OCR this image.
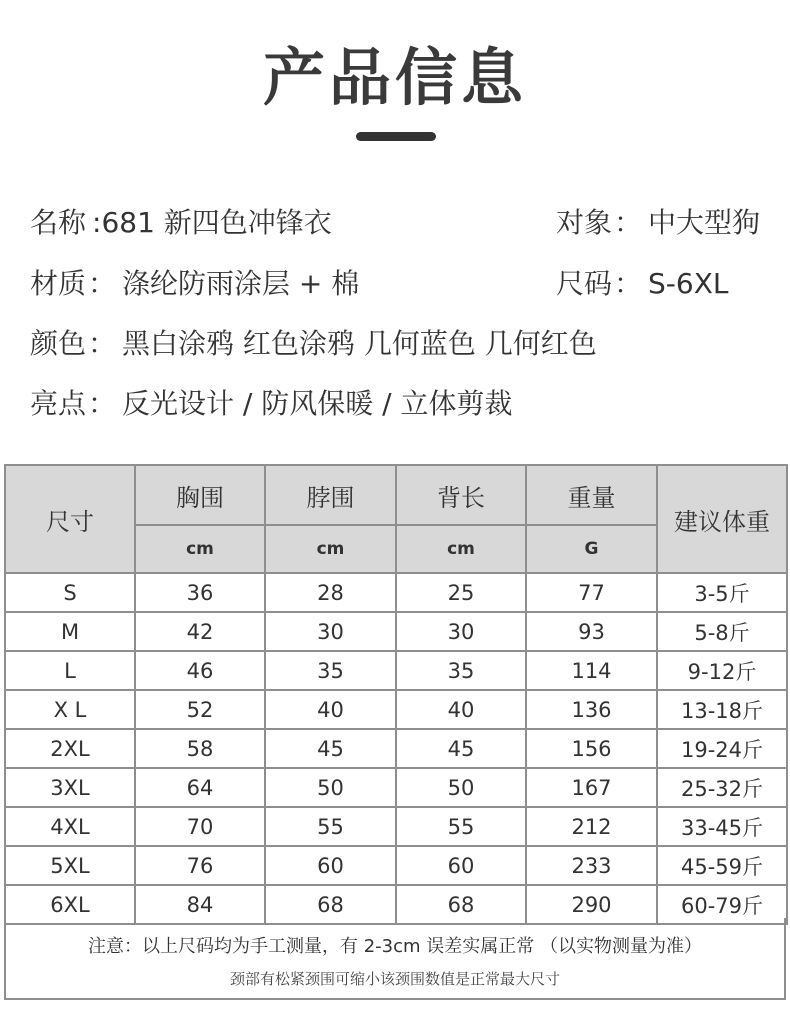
产品信息
名称 :681 新四色冲锋衣	对象： 中大型狗
材质： 涤纶防雨涂层 + 棉	尺码： S-6XL
颜色： 黑白涂鸦 红色涂鸦 几何蓝色 几何红色
亮点： 反光设计 / 防风保暖 / 立体剪裁
尺寸	胸围	脖围	背长	重量	建议体重
	cm	cm	cm	G	
S	36	28	25	77	3-5斤
M	42	30	30	93	5-8斤
L	46	35	35	114	9-12斤
X L	52	40	40	136	13-18斤
2XL	58	45	45	156	19-24斤
3XL	64	50	50	167	25-32斤
4XL	70	55	55	212	33-45斤
5XL	76	60	60	233	45-59斤
6XL	84	68	68	290	60-79斤
注意：以上尺码均为手工测量，有 2-3cm 误差实属正常 （以实物测量为准）
颈部有松紧颈围可缩小该颈围数值是正常最大尺寸
